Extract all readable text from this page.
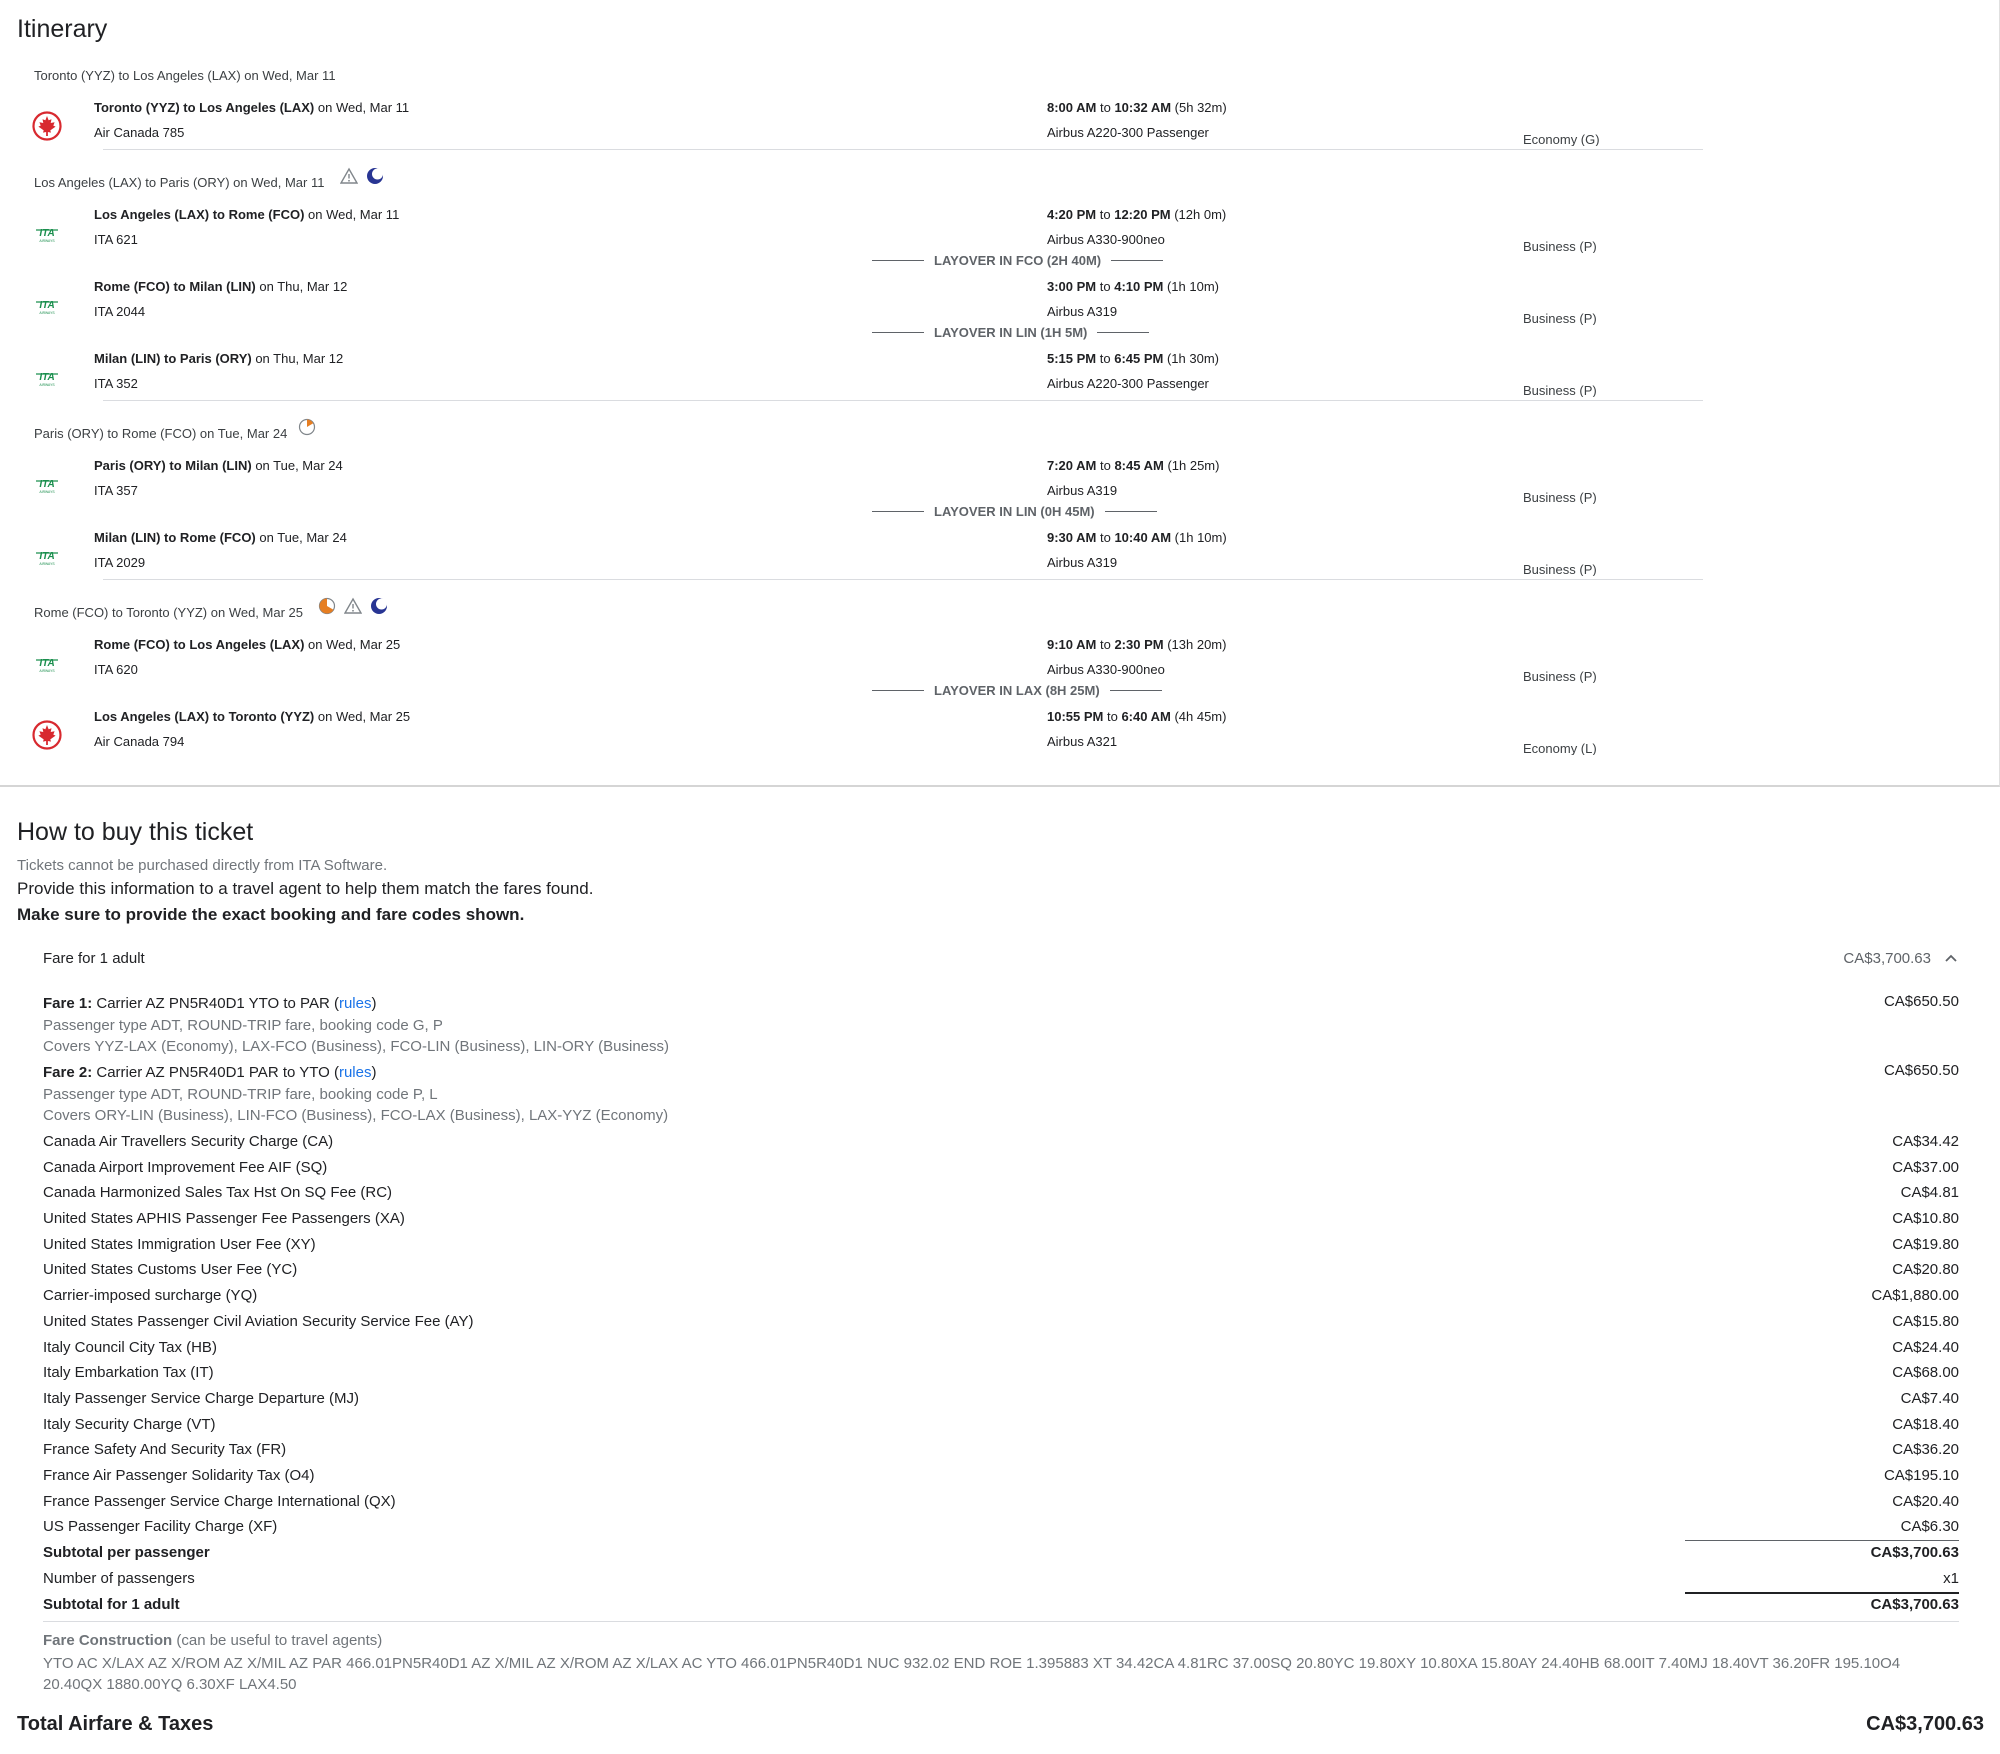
Itinerary
Toronto (YYZ) to Los Angeles (LAX) on Wed, Mar 11
Toronto (YYZ) to Los Angeles (LAX) on Wed, Mar 11
Air Canada 785
8:00 AM to 10:32 AM (5h 32m)
Airbus A220-300 Passenger	Economy (G)
Los Angeles (LAX) to Paris (ORY) on Wed, Mar 11
ITA
AIRWAYS
Los Angeles (LAX) to Rome (FCO) on Wed, Mar 11
ITA 621
4:20 PM to 12:20 PM (12h 0m)
Airbus A330-900neo	Business (P)
LAYOVER IN FCO (2H 40M)
ITA
AIRWAYS
Rome (FCO) to Milan (LIN) on Thu, Mar 12
ITA 2044
3:00 PM to 4:10 PM (1h 10m)
Airbus A319	Business (P)
LAYOVER IN LIN (1H 5M)
ITA
AIRWAYS
Milan (LIN) to Paris (ORY) on Thu, Mar 12
ITA 352
5:15 PM to 6:45 PM (1h 30m)
Airbus A220-300 Passenger	Business (P)
Paris (ORY) to Rome (FCO) on Tue, Mar 24
ITA
AIRWAYS
Paris (ORY) to Milan (LIN) on Tue, Mar 24
ITA 357
7:20 AM to 8:45 AM (1h 25m)
Airbus A319	Business (P)
LAYOVER IN LIN (0H 45M)
ITA
AIRWAYS
Milan (LIN) to Rome (FCO) on Tue, Mar 24
ITA 2029
9:30 AM to 10:40 AM (1h 10m)
Airbus A319	Business (P)
Rome (FCO) to Toronto (YYZ) on Wed, Mar 25
ITA
AIRWAYS
Rome (FCO) to Los Angeles (LAX) on Wed, Mar 25
ITA 620
9:10 AM to 2:30 PM (13h 20m)
Airbus A330-900neo	Business (P)
LAYOVER IN LAX (8H 25M)
Los Angeles (LAX) to Toronto (YYZ) on Wed, Mar 25
Air Canada 794
10:55 PM to 6:40 AM (4h 45m)
Airbus A321	Economy (L)
How to buy this ticket
Tickets cannot be purchased directly from ITA Software.
Provide this information to a travel agent to help them match the fares found.
Make sure to provide the exact booking and fare codes shown.
Fare for 1 adult	CA$3,700.63
Fare 1: Carrier AZ PN5R40D1 YTO to PAR (rules)
Passenger type ADT, ROUND-TRIP fare, booking code G, P
Covers YYZ-LAX (Economy), LAX-FCO (Business), FCO-LIN (Business), LIN-ORY (Business)
CA$650.50
Fare 2: Carrier AZ PN5R40D1 PAR to YTO (rules)
Passenger type ADT, ROUND-TRIP fare, booking code P, L
Covers ORY-LIN (Business), LIN-FCO (Business), FCO-LAX (Business), LAX-YYZ (Economy)
CA$650.50
Canada Air Travellers Security Charge (CA)	CA$34.42
Canada Airport Improvement Fee AIF (SQ)	CA$37.00
Canada Harmonized Sales Tax Hst On SQ Fee (RC)	CA$4.81
United States APHIS Passenger Fee Passengers (XA)	CA$10.80
United States Immigration User Fee (XY)	CA$19.80
United States Customs User Fee (YC)	CA$20.80
Carrier-imposed surcharge (YQ)	CA$1,880.00
United States Passenger Civil Aviation Security Service Fee (AY)	CA$15.80
Italy Council City Tax (HB)	CA$24.40
Italy Embarkation Tax (IT)	CA$68.00
Italy Passenger Service Charge Departure (MJ)	CA$7.40
Italy Security Charge (VT)	CA$18.40
France Safety And Security Tax (FR)	CA$36.20
France Air Passenger Solidarity Tax (O4)	CA$195.10
France Passenger Service Charge International (QX)	CA$20.40
US Passenger Facility Charge (XF)	CA$6.30
Subtotal per passenger	CA$3,700.63
Number of passengers	x1
Subtotal for 1 adult	CA$3,700.63
Fare Construction (can be useful to travel agents)
YTO AC X/LAX AZ X/ROM AZ X/MIL AZ PAR 466.01PN5R40D1 AZ X/MIL AZ X/ROM AZ X/LAX AC YTO 466.01PN5R40D1 NUC 932.02 END ROE 1.395883 XT 34.42CA 4.81RC 37.00SQ 20.80YC 19.80XY 10.80XA 15.80AY 24.40HB 68.00IT 7.40MJ 18.40VT 36.20FR 195.10O4 20.40QX 1880.00YQ 6.30XF LAX4.50
Total Airfare & Taxes	CA$3,700.63
